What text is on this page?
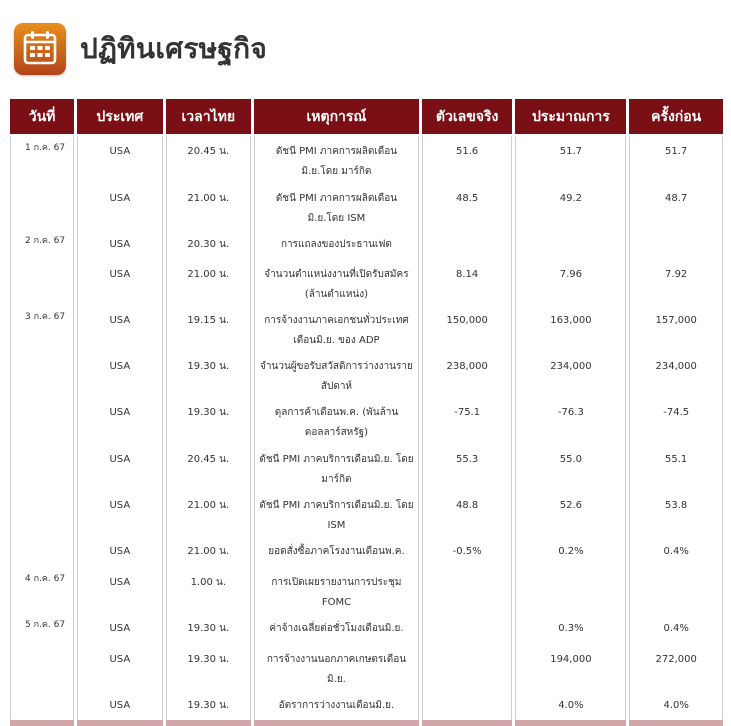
ปฏิทินเศรษฐกิจ
วันที่	ประเทศ	เวลาไทย	เหตุการณ์	ตัวเลขจริง	ประมาณการ	ครั้งก่อน
1 ก.ค. 67	USA	20.45 น.	ดัชนี PMI ภาคการผลิตเดือนมิ.ย.โดย มาร์กิต	51.6	51.7	51.7
	USA	21.00 น.	ดัชนี PMI ภาคการผลิตเดือนมิ.ย.โดย ISM	48.5	49.2	48.7
2 ก.ค. 67	USA	20.30 น.	การแถลงของประธานเฟด			
	USA	21.00 น.	จำนวนตำแหน่งงานที่เปิดรับสมัคร (ล้านตำแหน่ง)	8.14	7.96	7.92
3 ก.ค. 67	USA	19.15 น.	การจ้างงานภาคเอกชนทั่วประเทศ เดือนมิ.ย. ของ ADP	150,000	163,000	157,000
	USA	19.30 น.	จำนวนผู้ขอรับสวัสดิการว่างงานราย สัปดาห์	238,000	234,000	234,000
	USA	19.30 น.	ดุลการค้าเดือนพ.ค. (พันล้าน ดอลลาร์สหรัฐ)	-75.1	-76.3	-74.5
	USA	20.45 น.	ดัชนี PMI ภาคบริการเดือนมิ.ย. โดย มาร์กิต	55.3	55.0	55.1
	USA	21.00 น.	ดัชนี PMI ภาคบริการเดือนมิ.ย. โดย ISM	48.8	52.6	53.8
	USA	21.00 น.	ยอดสั่งซื้อภาคโรงงานเดือนพ.ค.	-0.5%	0.2%	0.4%
4 ก.ค. 67	USA	1.00 น.	การเปิดเผยรายงานการประชุม FOMC			
5 ก.ค. 67	USA	19.30 น.	ค่าจ้างเฉลี่ยต่อชั่วโมงเดือนมิ.ย.		0.3%	0.4%
	USA	19.30 น.	การจ้างงานนอกภาคเกษตรเดือนมิ.ย.		194,000	272,000
	USA	19.30 น.	อัตราการว่างงานเดือนมิ.ย.		4.0%	4.0%
